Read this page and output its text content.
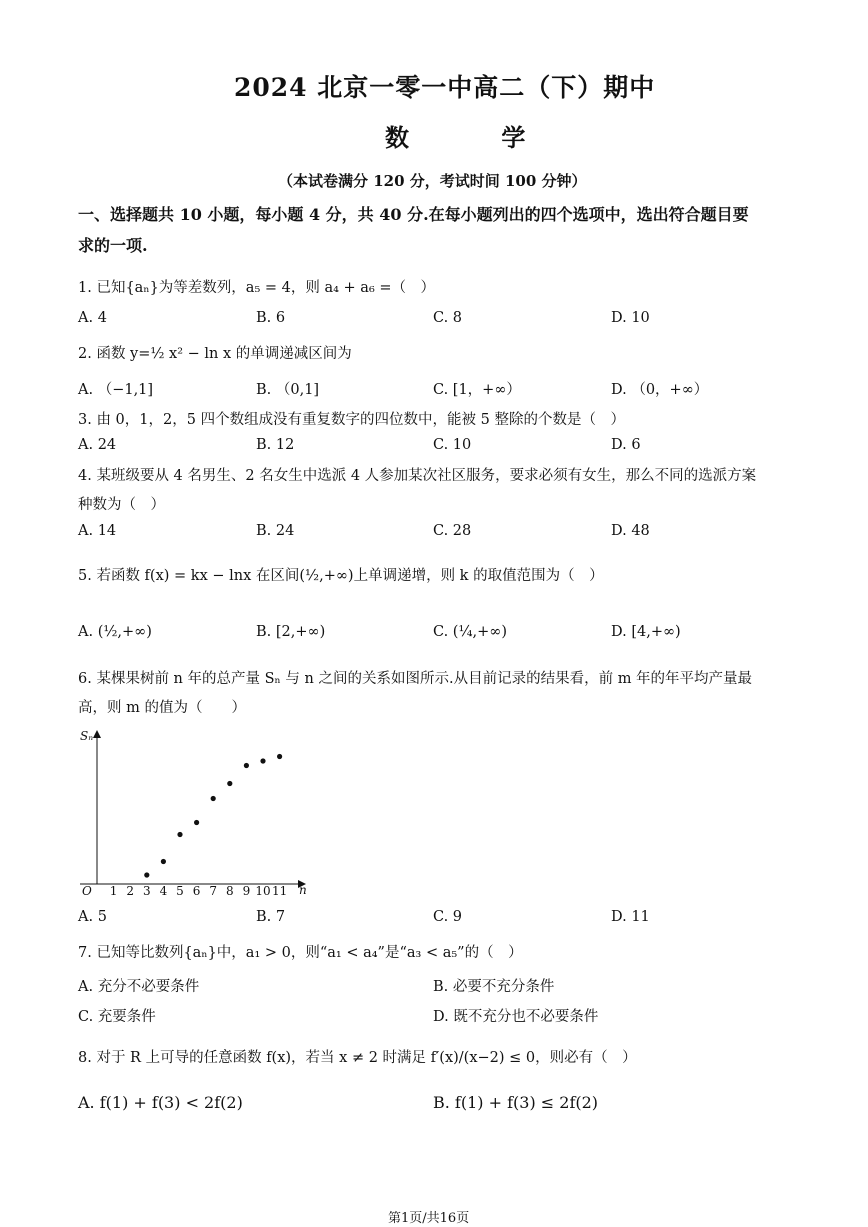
2024 北京一零一中高二（下）期中
数 学
（本试卷满分 120 分，考试时间 100 分钟）
一、选择题共 10 小题，每小题 4 分，共 40 分.在每小题列出的四个选项中，选出符合题目要
求的一项.
1. 已知{aₙ}为等差数列，a₅ = 4，则 a₄ + a₆ =（　）
A. 4	B. 6	C. 8	D. 10
2. 函数 y=½ x² − ln x 的单调递减区间为
A. （−1,1]	B. （0,1]	C. [1，+∞）	D. （0，+∞）
3. 由 0，1，2，5 四个数组成没有重复数字的四位数中，能被 5 整除的个数是（　）
A. 24	B. 12	C. 10	D. 6
4. 某班级要从 4 名男生、2 名女生中选派 4 人参加某次社区服务，要求必须有女生，那么不同的选派方案
种数为（　）
A. 14	B. 24	C. 28	D. 48
5. 若函数 f(x) = kx − lnx 在区间(½,+∞)上单调递增，则 k 的取值范围为（　）
A. (½,+∞)	B. [2,+∞)	C. (¼,+∞)	D. [4,+∞)
6. 某棵果树前 n 年的总产量 Sₙ 与 n 之间的关系如图所示.从目前记录的结果看，前 m 年的年平均产量最
高，则 m 的值为（　　）
Sₙ
O	n
1 2 3 4 5 6 7 8 9 10 11
A. 5	B. 7	C. 9	D. 11
7. 已知等比数列{aₙ}中，a₁ > 0，则“a₁ < a₄”是“a₃ < a₅”的（　）
A. 充分不必要条件	B. 必要不充分条件
C. 充要条件	D. 既不充分也不必要条件
8. 对于 R 上可导的任意函数 f(x)，若当 x ≠ 2 时满足 f′(x)/(x−2) ≤ 0，则必有（　）
A. f(1) + f(3) < 2f(2)	B. f(1) + f(3) ≤ 2f(2)
第1页/共16页
